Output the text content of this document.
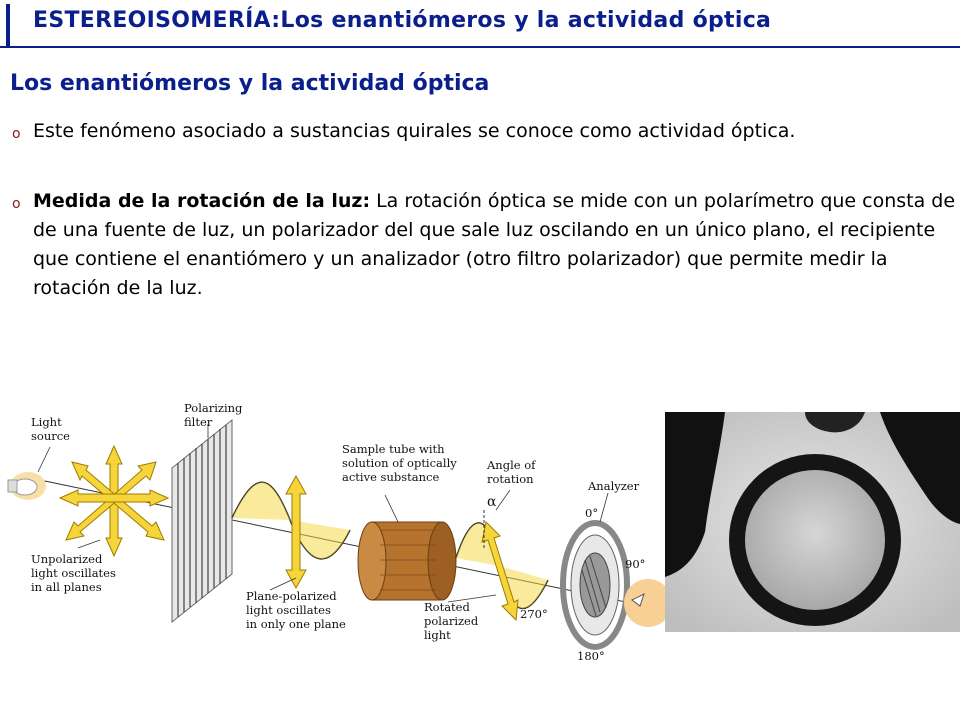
ESTEREOISOMERÍA:Los enantiómeros y la actividad óptica
Los enantiómeros y la actividad óptica
o Este fenómeno asociado a sustancias quirales se conoce como actividad óptica.
o Medida de la rotación de la luz: La rotación óptica se mide con un polarímetro que consta de de una fuente de luz, un polarizador del que sale luz oscilando en un único plano, el recipiente que contiene el enantiómero y un analizador (otro filtro polarizador) que permite medir la rotación de la luz.
Light
source
Polarizing
filter
Sample tube with
solution of optically
active substance
Angle of
rotation
α
Analyzer
0°
90°
270°
180°
Unpolarized
light oscillates
in all planes
Plane-polarized
light oscillates
in only one plane
Rotated
polarized
light
